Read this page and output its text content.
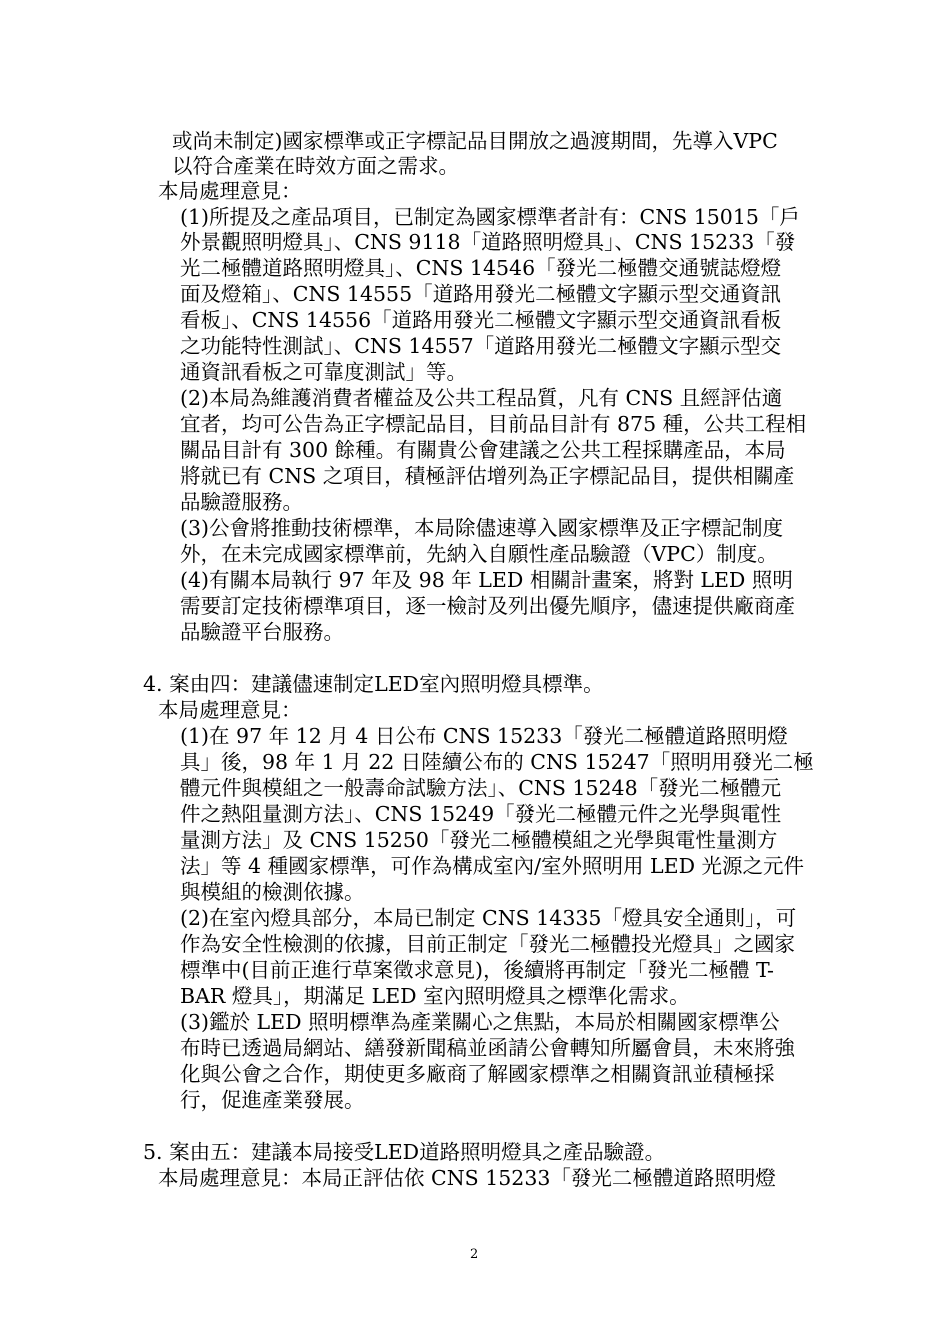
或尚未制定)國家標準或正字標記品目開放之過渡期間，先導入VPC
以符合產業在時效方面之需求。
本局處理意見：
(1)所提及之產品項目，已制定為國家標準者計有：CNS 15015「戶
外景觀照明燈具」、CNS 9118「道路照明燈具」、CNS 15233「發
光二極體道路照明燈具」、CNS 14546「發光二極體交通號誌燈燈
面及燈箱」、CNS 14555「道路用發光二極體文字顯示型交通資訊
看板」、CNS 14556「道路用發光二極體文字顯示型交通資訊看板
之功能特性測試」、CNS 14557「道路用發光二極體文字顯示型交
通資訊看板之可靠度測試」等。
(2)本局為維護消費者權益及公共工程品質，凡有 CNS 且經評估適
宜者，均可公告為正字標記品目，目前品目計有 875 種，公共工程相
關品目計有 300 餘種。有關貴公會建議之公共工程採購產品，本局
將就已有 CNS 之項目，積極評估增列為正字標記品目，提供相關產
品驗證服務。
(3)公會將推動技術標準，本局除儘速導入國家標準及正字標記制度
外，在未完成國家標準前，先納入自願性產品驗證（VPC）制度。
(4)有關本局執行 97 年及 98 年 LED 相關計畫案，將對 LED 照明
需要訂定技術標準項目，逐一檢討及列出優先順序，儘速提供廠商產
品驗證平台服務。
4. 案由四：建議儘速制定LED室內照明燈具標準。
本局處理意見：
(1)在 97 年 12 月 4 日公布 CNS 15233「發光二極體道路照明燈
具」後，98 年 1 月 22 日陸續公布的 CNS 15247「照明用發光二極
體元件與模組之一般壽命試驗方法」、CNS 15248「發光二極體元
件之熱阻量測方法」、CNS 15249「發光二極體元件之光學與電性
量測方法」及 CNS 15250「發光二極體模組之光學與電性量測方
法」等 4 種國家標準，可作為構成室內/室外照明用 LED 光源之元件
與模組的檢測依據。
(2)在室內燈具部分，本局已制定 CNS 14335「燈具安全通則」，可
作為安全性檢測的依據，目前正制定「發光二極體投光燈具」之國家
標準中(目前正進行草案徵求意見)，後續將再制定「發光二極體 T-
BAR 燈具」，期滿足 LED 室內照明燈具之標準化需求。
(3)鑑於 LED 照明標準為產業關心之焦點，本局於相關國家標準公
布時已透過局網站、繕發新聞稿並函請公會轉知所屬會員，未來將強
化與公會之合作，期使更多廠商了解國家標準之相關資訊並積極採
行，促進產業發展。
5. 案由五：建議本局接受LED道路照明燈具之產品驗證。
本局處理意見：本局正評估依 CNS 15233「發光二極體道路照明燈
2
